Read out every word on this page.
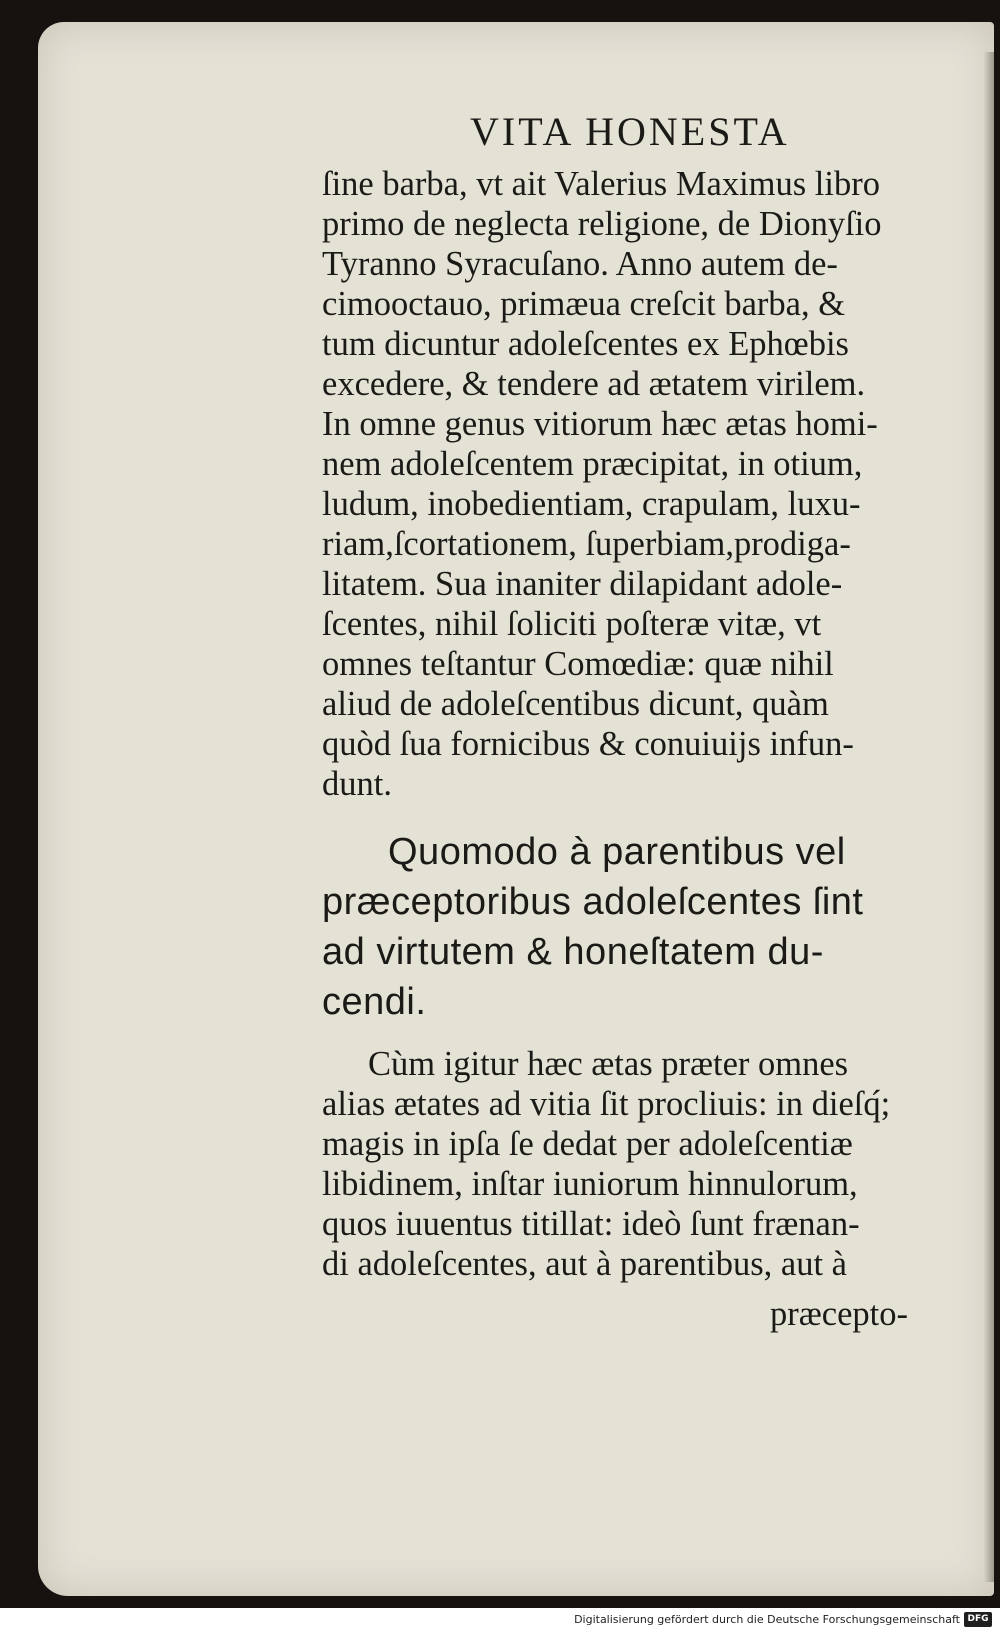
VITA HONESTA
ſine barba, vt ait Valerius Maximus libro
primo de neglecta religione, de Dionyſio
Tyranno Syracuſano. Anno autem de-
cimooctauo, primæua creſcit barba, &
tum dicuntur adoleſcentes ex Ephœbis
excedere, & tendere ad ætatem virilem.
In omne genus vitiorum hæc ætas homi-
nem adoleſcentem præcipitat, in otium,
ludum, inobedientiam, crapulam, luxu-
riam,ſcortationem, ſuperbiam,prodiga-
litatem. Sua inaniter dilapidant adole-
ſcentes, nihil ſoliciti poſteræ vitæ, vt
omnes teſtantur Comœdiæ: quæ nihil
aliud de adoleſcentibus dicunt, quàm
quòd ſua fornicibus & conuiuijs infun-
dunt.
Quomodo à parentibus vel
præceptoribus adoleſcentes ſint
ad virtutem & honeſtatem du-
cendi.
Cùm igitur hæc ætas præter omnes
alias ætates ad vitia ſit procliuis: in dieſq́;
magis in ipſa ſe dedat per adoleſcentiæ
libidinem, inſtar iuniorum hinnulorum,
quos iuuentus titillat: ideò ſunt frænan-
di adoleſcentes, aut à parentibus, aut à
præcepto-
Digitalisierung gefördert durch die Deutsche Forschungsgemeinschaft DFG
